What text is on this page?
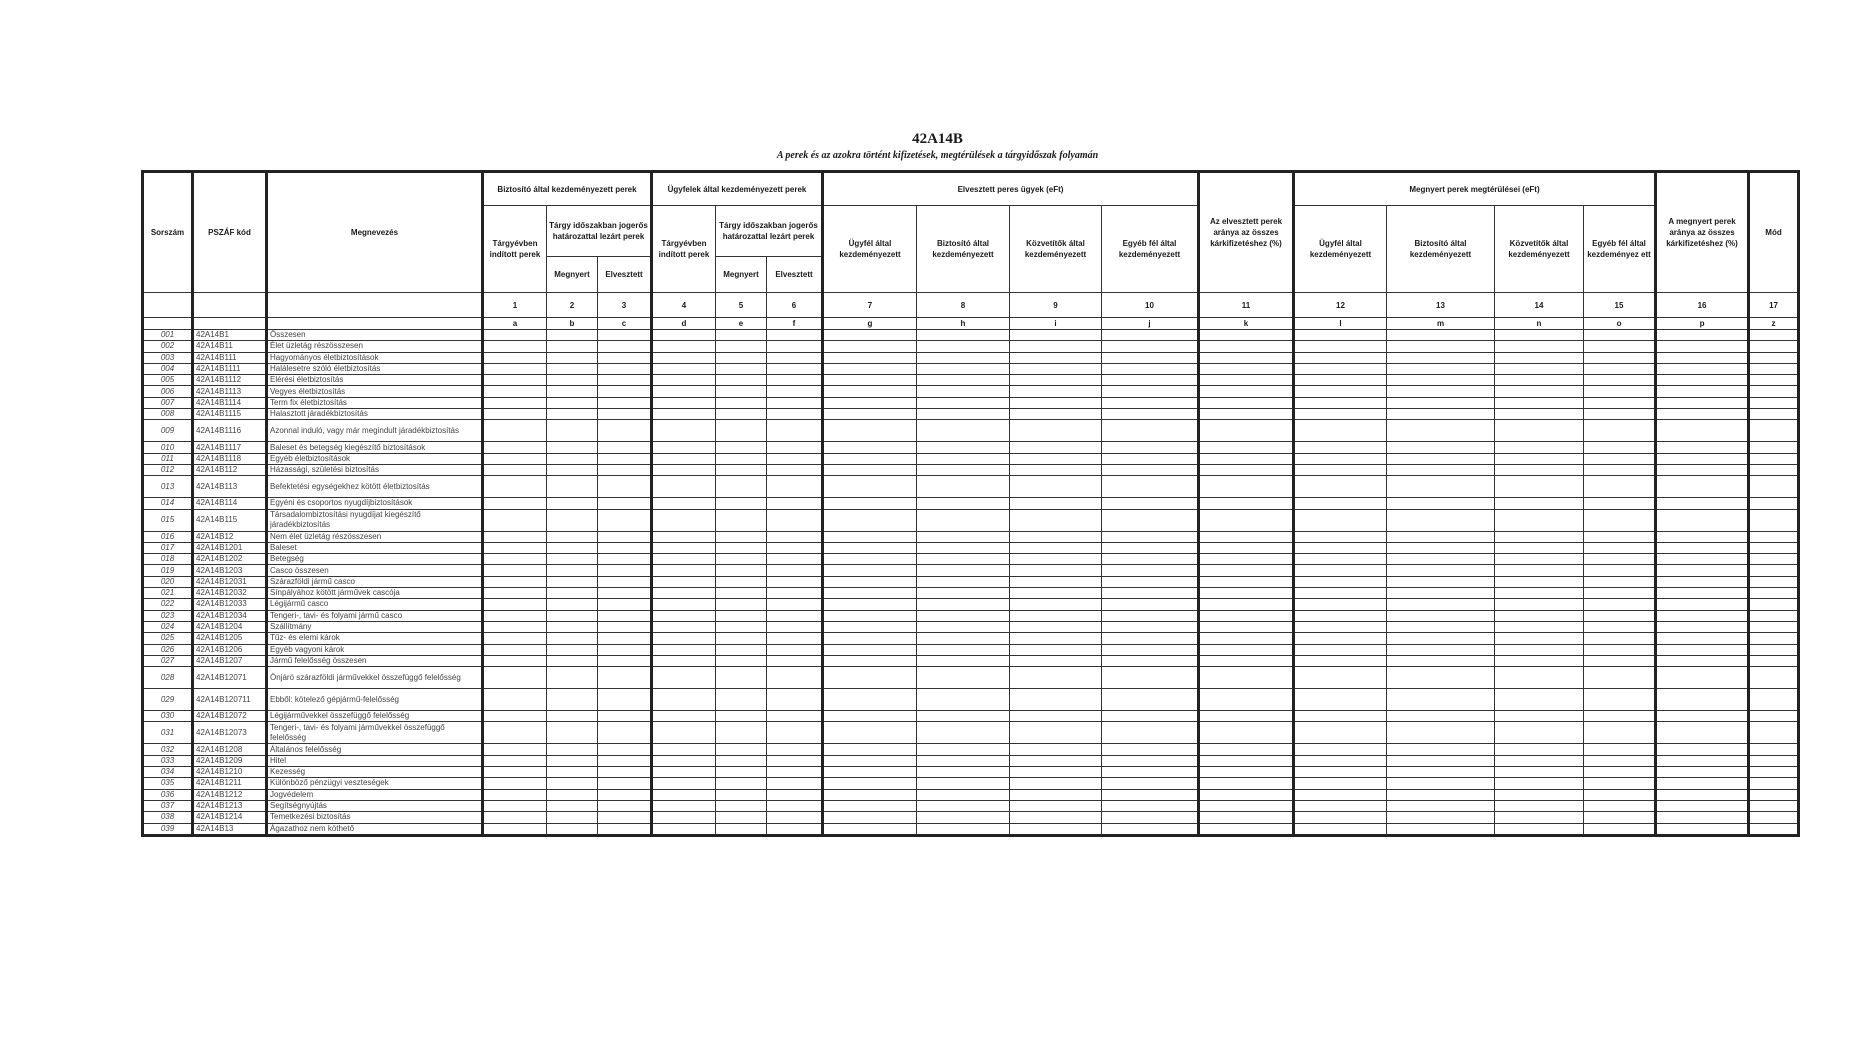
42A14B
A perek és az azokra történt kifizetések, megtérülések a tárgyidőszak folyamán
Sorszám	PSZÁF kód	Megnevezés	Biztosító által kezdeményezett perek			Ügyfelek által kezdeményezett perek			Elvesztett peres ügyek (eFt)				Az elvesztett perek aránya az összes kárkifizetéshez (%)	Megnyert perek megtérülései (eFt)				A megnyert perek aránya az összes kárkifizetéshez (%)	Mód
			Tárgyévben indított perek	Tárgy időszakban jogerős határozattal lezárt perek		Tárgyévben indított perek	Tárgy időszakban jogerős határozattal lezárt perek		Ügyfél által kezdeményezett	Biztosító által kezdeményezett	Közvetítők által kezdeményezett	Egyéb fél által kezdeményezett		Ügyfél által kezdeményezett	Biztosító által kezdeményezett	Közvetítők által kezdeményezett	Egyéb fél által kezdeményez ett		
				Megnyert	Elvesztett		Megnyert	Elvesztett											
			1	2	3	4	5	6	7	8	9	10	11	12	13	14	15	16	17
			a	b	c	d	e	f	g	h	i	j	k	l	m	n	o	p	z
001	42A14B1	Összesen																	
002	42A14B11	Élet üzletág részösszesen																	
003	42A14B111	Hagyományos életbiztosítások																	
004	42A14B1111	Halálesetre szóló életbiztosítás																	
005	42A14B1112	Elérési életbiztosítás																	
006	42A14B1113	Vegyes életbiztosítás																	
007	42A14B1114	Term fix életbiztosítás																	
008	42A14B1115	Halasztott járadékbiztosítás																	
009	42A14B1116	Azonnal induló, vagy már megindult járadékbiztosítás																	
010	42A14B1117	Baleset és betegség kiegészítő biztosítások																	
011	42A14B1118	Egyéb életbiztosítások																	
012	42A14B112	Házassági, születési biztosítás																	
013	42A14B113	Befektetési egységekhez kötött életbiztosítás																	
014	42A14B114	Egyéni és csoportos nyugdíjbiztosítások																	
015	42A14B115	Társadalombiztosítási nyugdíjat kiegészítő járadékbiztosítás																	
016	42A14B12	Nem élet üzletág részösszesen																	
017	42A14B1201	Baleset																	
018	42A14B1202	Betegség																	
019	42A14B1203	Casco összesen																	
020	42A14B12031	Szárazföldi jármű casco																	
021	42A14B12032	Sínpályához kötött járművek cascója																	
022	42A14B12033	Légijármű casco																	
023	42A14B12034	Tengeri-, tavi- és folyami jármű casco																	
024	42A14B1204	Szállítmány																	
025	42A14B1205	Tűz- és elemi károk																	
026	42A14B1206	Egyéb vagyoni károk																	
027	42A14B1207	Jármű felelősség összesen																	
028	42A14B12071	Önjáró szárazföldi járművekkel összefüggő felelősség																	
029	42A14B120711	Ebből: kötelező gépjármű-felelősség																	
030	42A14B12072	Légijárművekkel összefüggő felelősség																	
031	42A14B12073	Tengeri-, tavi- és folyami járművekkel összefüggő felelősség																	
032	42A14B1208	Általános felelősség																	
033	42A14B1209	Hitel																	
034	42A14B1210	Kezesség																	
035	42A14B1211	Különböző pénzügyi veszteségek																	
036	42A14B1212	Jogvédelem																	
037	42A14B1213	Segítségnyújtás																	
038	42A14B1214	Temetkezési biztosítás																	
039	42A14B13	Ágazathoz nem köthető																	
